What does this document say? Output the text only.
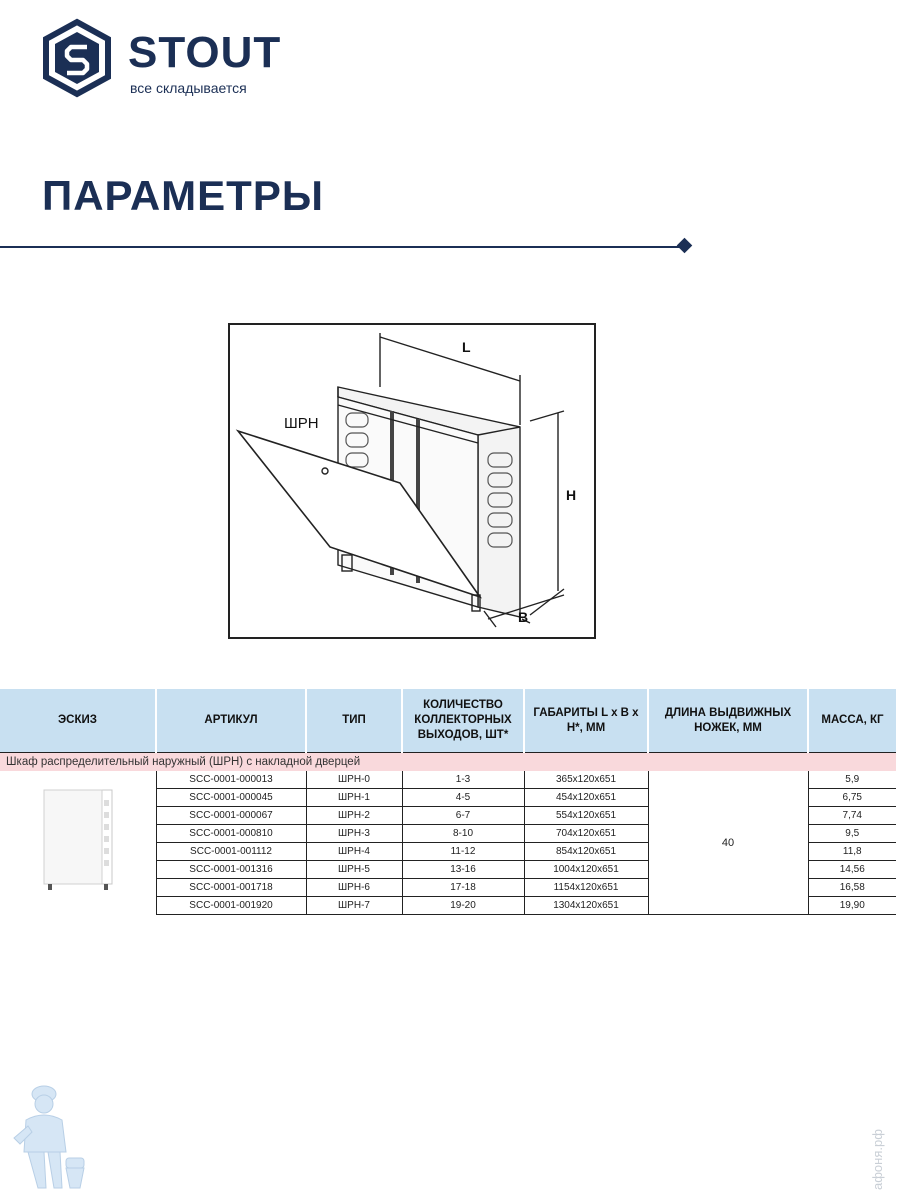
STOUT
все складывается
ПАРАМЕТРЫ
L
H
B
ШРН
ЭСКИЗ	АРТИКУЛ	ТИП	КОЛИЧЕСТВО КОЛЛЕКТОРНЫХ ВЫХОДОВ, ШТ*	ГАБАРИТЫ L x B x H*, ММ	ДЛИНА ВЫДВИЖНЫХ НОЖЕК, ММ	МАССА, КГ
Шкаф распределительный наружный (ШРН) с накладной дверцей						
	SCC-0001-000013	ШРН-0	1-3	365x120x651	40	5,9
	SCC-0001-000045	ШРН-1	4-5	454x120x651		6,75
	SCC-0001-000067	ШРН-2	6-7	554x120x651		7,74
	SCC-0001-000810	ШРН-3	8-10	704x120x651		9,5
	SCC-0001-001112	ШРН-4	11-12	854x120x651		11,8
	SCC-0001-001316	ШРН-5	13-16	1004x120x651		14,56
	SCC-0001-001718	ШРН-6	17-18	1154x120x651		16,58
	SCC-0001-001920	ШРН-7	19-20	1304x120x651		19,90
афоня.рф
